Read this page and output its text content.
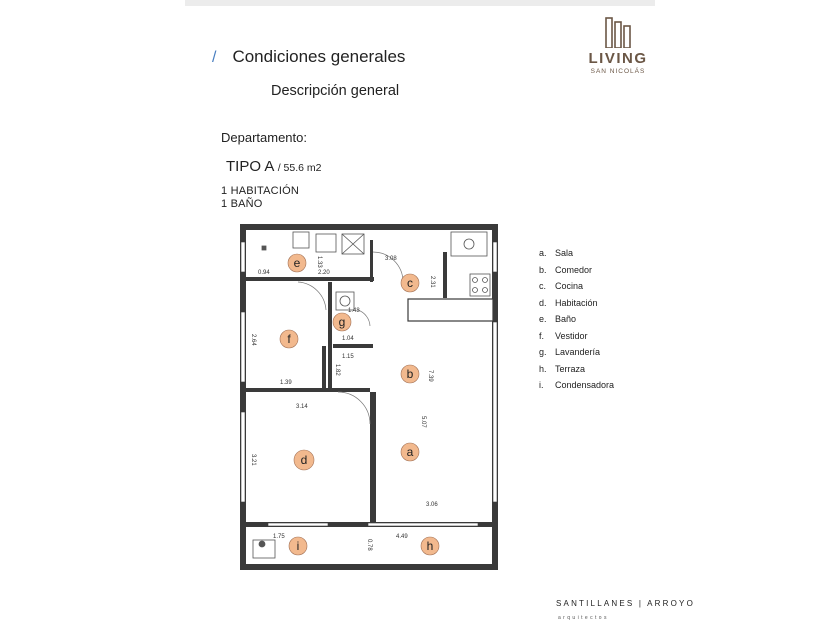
/ Condiciones generales
Descripción general
LIVING
SAN NICOLÁS
Departamento:
TIPO A / 55.6 m2
1 HABITACIÓN
1 BAÑO
0.94	2.20
3.08
1.33
2.31
1.48
1.04
1.15
2.64
1.39
1.82
7.39
3.14
5.07
3.21
3.06
1.75
0.78
4.49
a
b
c
d
e
f
g
h
i
a. Sala
b. Comedor
c. Cocina
d. Habitación
e. Baño
f.	Vestidor
g. Lavandería
h. Terraza
i.	Condensadora
SANTILLANES | ARROYO
arquitectos
